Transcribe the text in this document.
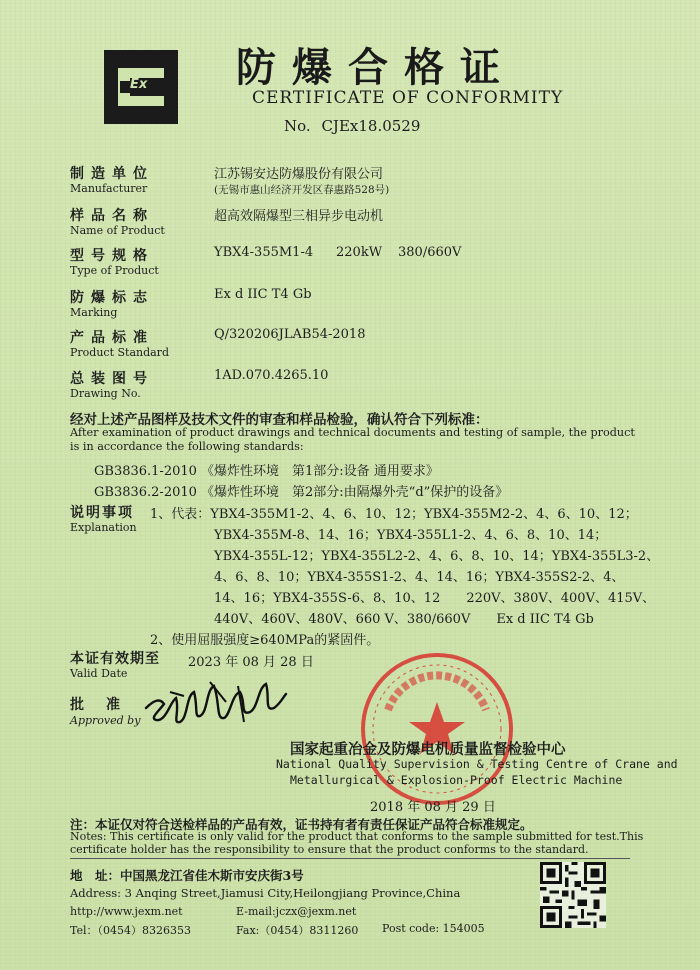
Ex 防爆合格证
CERTIFICATE OF CONFORMITY
No. CJEx18.0529
制造单位
Manufacturer
江苏锡安达防爆股份有限公司
(无锡市惠山经济开发区春惠路528号)
样品名称
Name of Product
超高效隔爆型三相异步电动机
型号规格
Type of Product
YBX4-355M1-4 220kW 380/660V
防爆标志
Marking
Ex d IIC T4 Gb
产品标准
Product Standard
Q/320206JLAB54-2018
总装图号
Drawing No.
1AD.070.4265.10
经对上述产品图样及技术文件的审查和样品检验，确认符合下列标准：
After examination of product drawings and technical documents and testing of sample, the product
is in accordance the following standards:
GB3836.1-2010 《爆炸性环境　第1部分:设备 通用要求》
GB3836.2-2010 《爆炸性环境　第2部分:由隔爆外壳“d”保护的设备》
说明事项
Explanation
1、代表：YBX4-355M1-2、4、6、10、12；YBX4-355M2-2、4、6、10、12；
YBX4-355M-8、14、16；YBX4-355L1-2、4、6、8、10、14；
YBX4-355L-12；YBX4-355L2-2、4、6、8、10、14；YBX4-355L3-2、
4、6、8、10；YBX4-355S1-2、4、14、16；YBX4-355S2-2、4、
14、16；YBX4-355S-6、8、10、12　　220V、380V、400V、415V、
440V、460V、480V、660 V、380/660V　　Ex d IIC T4 Gb
2、使用屈服强度≥640MPa的紧固件。
本证有效期至
Valid Date
2023 年 08 月 28 日
批　准
Approved by
国家起重冶金及防爆电机质量监督检验中心
National Quality Supervision & Testing Centre of Crane and
Metallurgical & Explosion-Proof Electric Machine
2018 年 08 月 29 日
注：本证仅对符合送检样品的产品有效，证书持有者有责任保证产品符合标准规定。
Notes: This certificate is only valid for the product that conforms to the sample submitted for test.This
certificate holder has the responsibility to ensure that the product conforms to the standard.
地　址：中国黑龙江省佳木斯市安庆街3号
Address: 3 Anqing Street,Jiamusi City,Heilongjiang Province,China
http://www.jexm.net	E-mail:jczx@jexm.net
Tel：（0454）8326353	Fax:（0454）8311260 Post code: 154005
